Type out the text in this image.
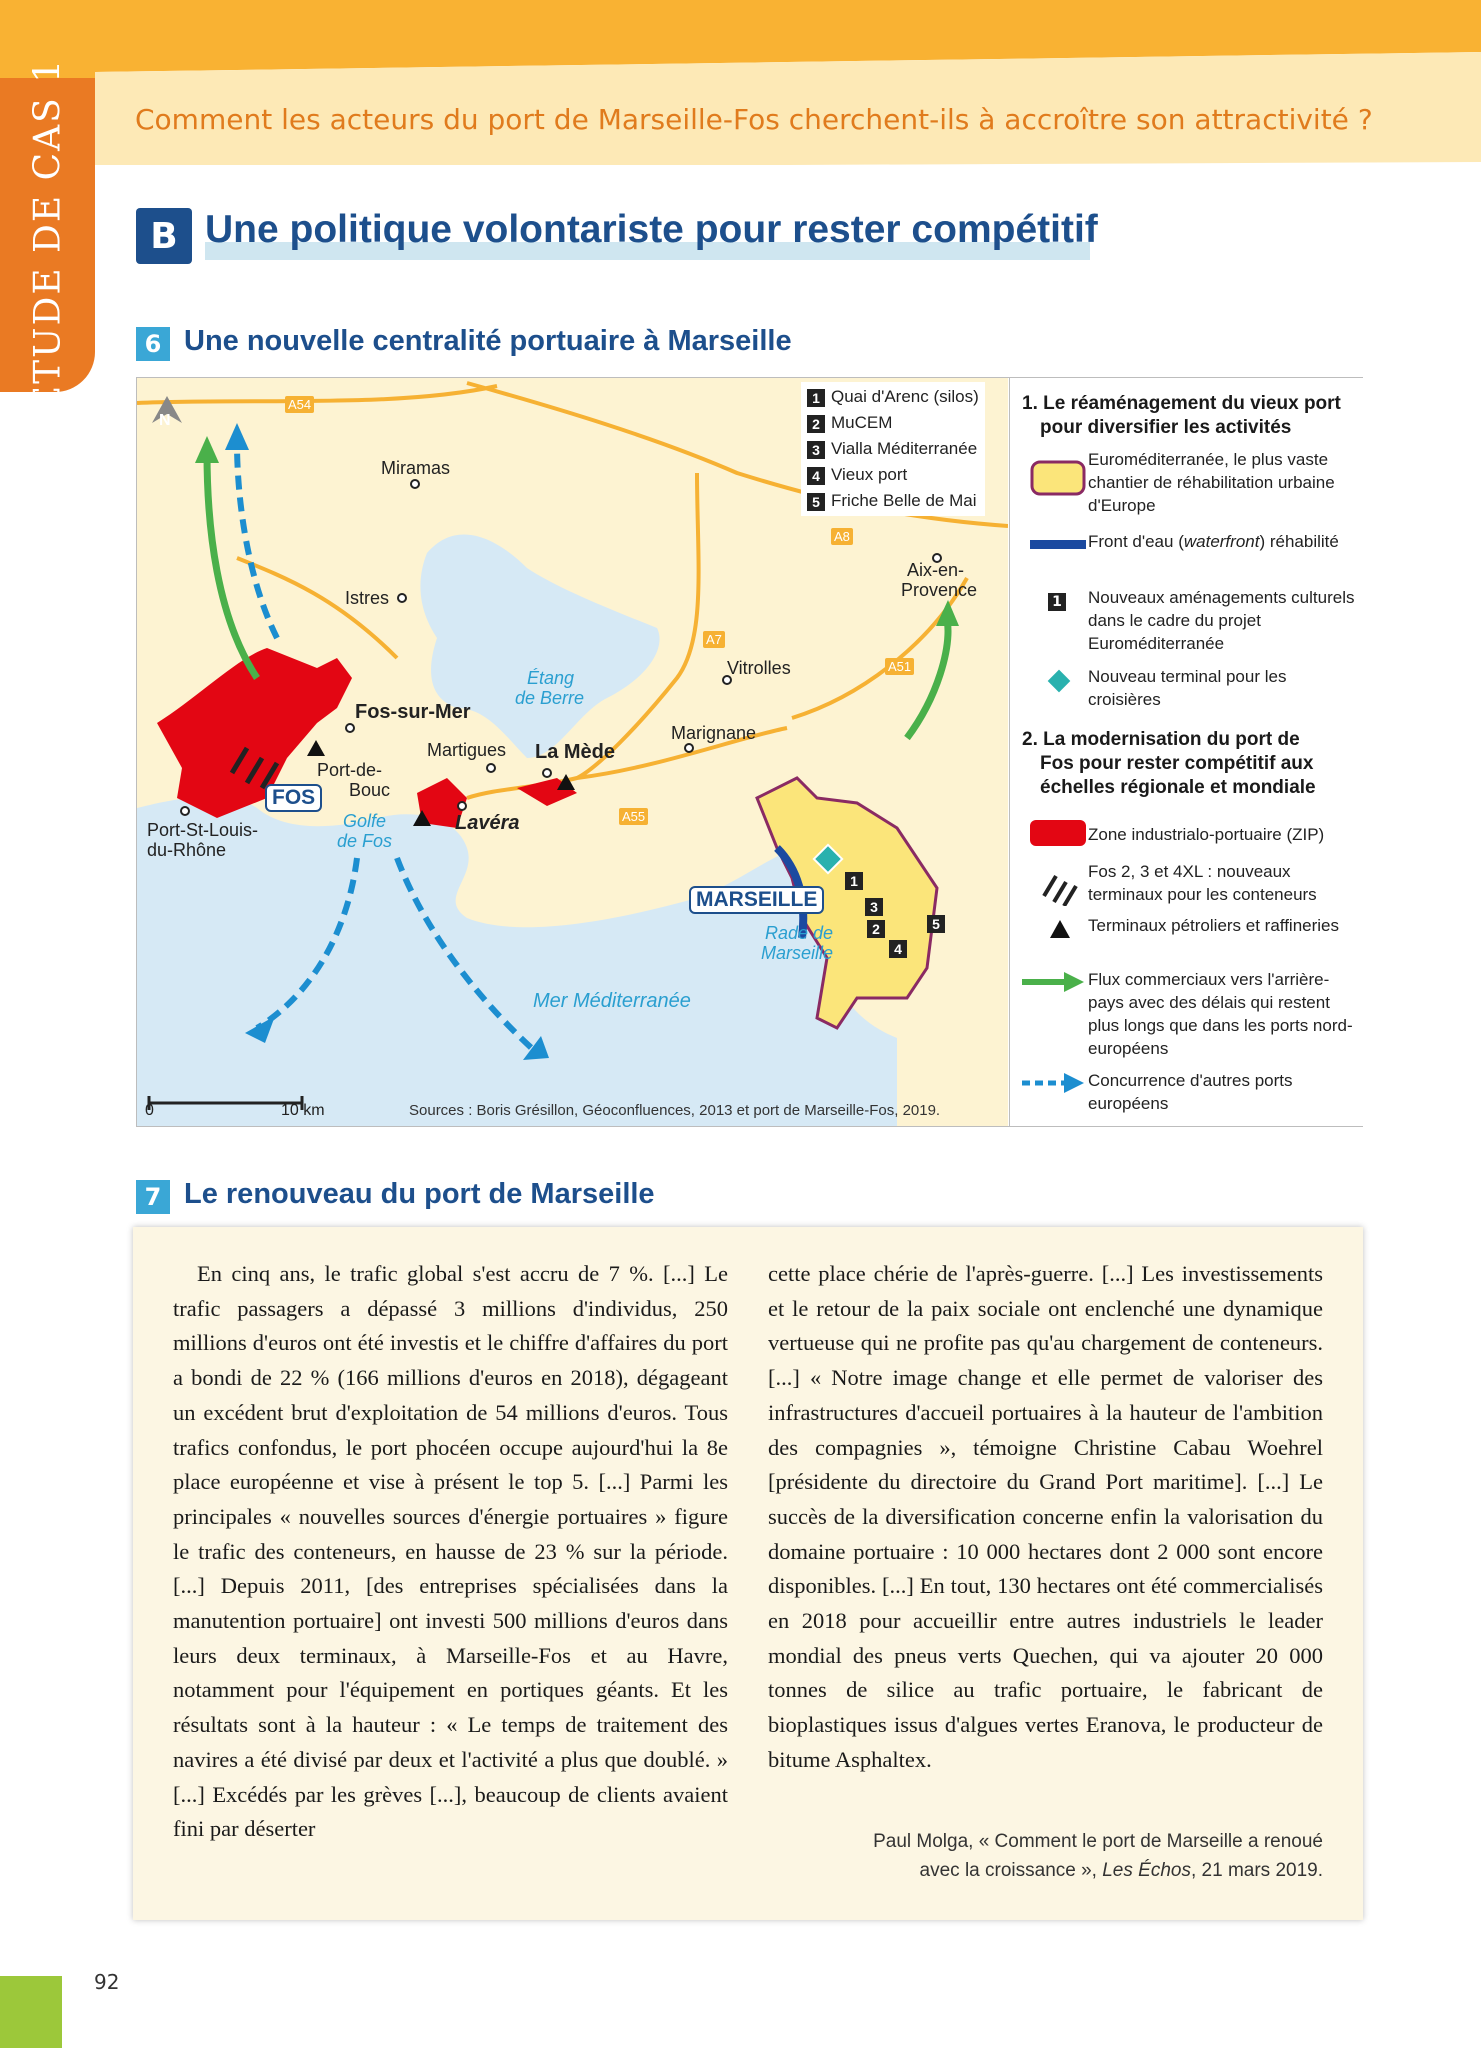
Comment les acteurs du port de Marseille-Fos cherchent-ils à accroître son attractivité ?
ÉTUDE DE CAS 1	B Une politique volontariste pour rester compétitif
6 Une nouvelle centralité portuaire à Marseille
A54
A8
A7
A51
A55
N
Miramas
Istres
Fos-sur-Mer
Martigues La Mède
Port-de-
Bouc
Lavéra
Port-St-Louis-
du-Rhône
Vitrolles
Marignane
Aix-en-
Provence
FOS
MARSEILLE
Étang
de Berre
Golfe
de Fos
Rade de
Marseille
Mer Méditerranée
1
3
2
4
5
1 Quai d'Arenc (silos)
2 MuCEM
3 Vialla Méditerranée
4 Vieux port
5 Friche Belle de Mai
0	10 km	Sources : Boris Grésillon, Géoconfluences, 2013 et port de Marseille-Fos, 2019.
1. Le réaménagement du vieux port
pour diversifier les activités
Euroméditerranée, le plus vaste chantier de réhabilitation urbaine d'Europe
Front d'eau (waterfront) réhabilité
1	Nouveaux aménagements culturels dans le cadre du projet Euroméditerranée
Nouveau terminal pour les croisières
2. La modernisation du port de
Fos pour rester compétitif aux
échelles régionale et mondiale
Zone industrialo-portuaire (ZIP)
Fos 2, 3 et 4XL : nouveaux terminaux pour les conteneurs
Terminaux pétroliers et raffineries
Flux commerciaux vers l'arrière-pays avec des délais qui restent plus longs que dans les ports nord-européens
Concurrence d'autres ports européens
7 Le renouveau du port de Marseille

En cinq ans, le trafic global s'est accru de 7 %. [...] Le trafic passagers a dépassé 3 millions d'individus, 250 millions d'euros ont été investis et le chiffre d'affaires du port a bondi de 22 % (166 millions d'euros en 2018), dégageant un excédent brut d'exploitation de 54 millions d'euros. Tous trafics confondus, le port phocéen occupe aujourd'hui la 8e place européenne et vise à présent le top 5. [...] Parmi les principales « nouvelles sources d'énergie portuaires » figure le trafic des conteneurs, en hausse de 23 % sur la période. [...] Depuis 2011, [des entreprises spécialisées dans la manutention portuaire] ont investi 500 millions d'euros dans leurs deux terminaux, à Marseille-Fos et au Havre, notamment pour l'équipement en portiques géants. Et les résultats sont à la hauteur : « Le temps de traitement des navires a été divisé par deux et l'activité a plus que doublé. » [...] Excédés par les grèves [...], beaucoup de clients avaient fini par déserter

cette place chérie de l'après-guerre. [...] Les investissements et le retour de la paix sociale ont enclenché une dynamique vertueuse qui ne profite pas qu'au chargement de conteneurs. [...] « Notre image change et elle permet de valoriser des infrastructures d'accueil portuaires à la hauteur de l'ambition des compagnies », témoigne Christine Cabau Woehrel [présidente du directoire du Grand Port maritime]. [...] Le succès de la diversification concerne enfin la valorisation du domaine portuaire : 10 000 hectares dont 2 000 sont encore disponibles. [...] En tout, 130 hectares ont été commercialisés en 2018 pour accueillir entre autres industriels le leader mondial des pneus verts Quechen, qui va ajouter 20 000 tonnes de silice au trafic portuaire, le fabricant de bioplastiques issus d'algues vertes Eranova, le producteur de bitume Asphaltex.

Paul Molga, « Comment le port de Marseille a renoué
avec la croissance », Les Échos, 21 mars 2019.
92
